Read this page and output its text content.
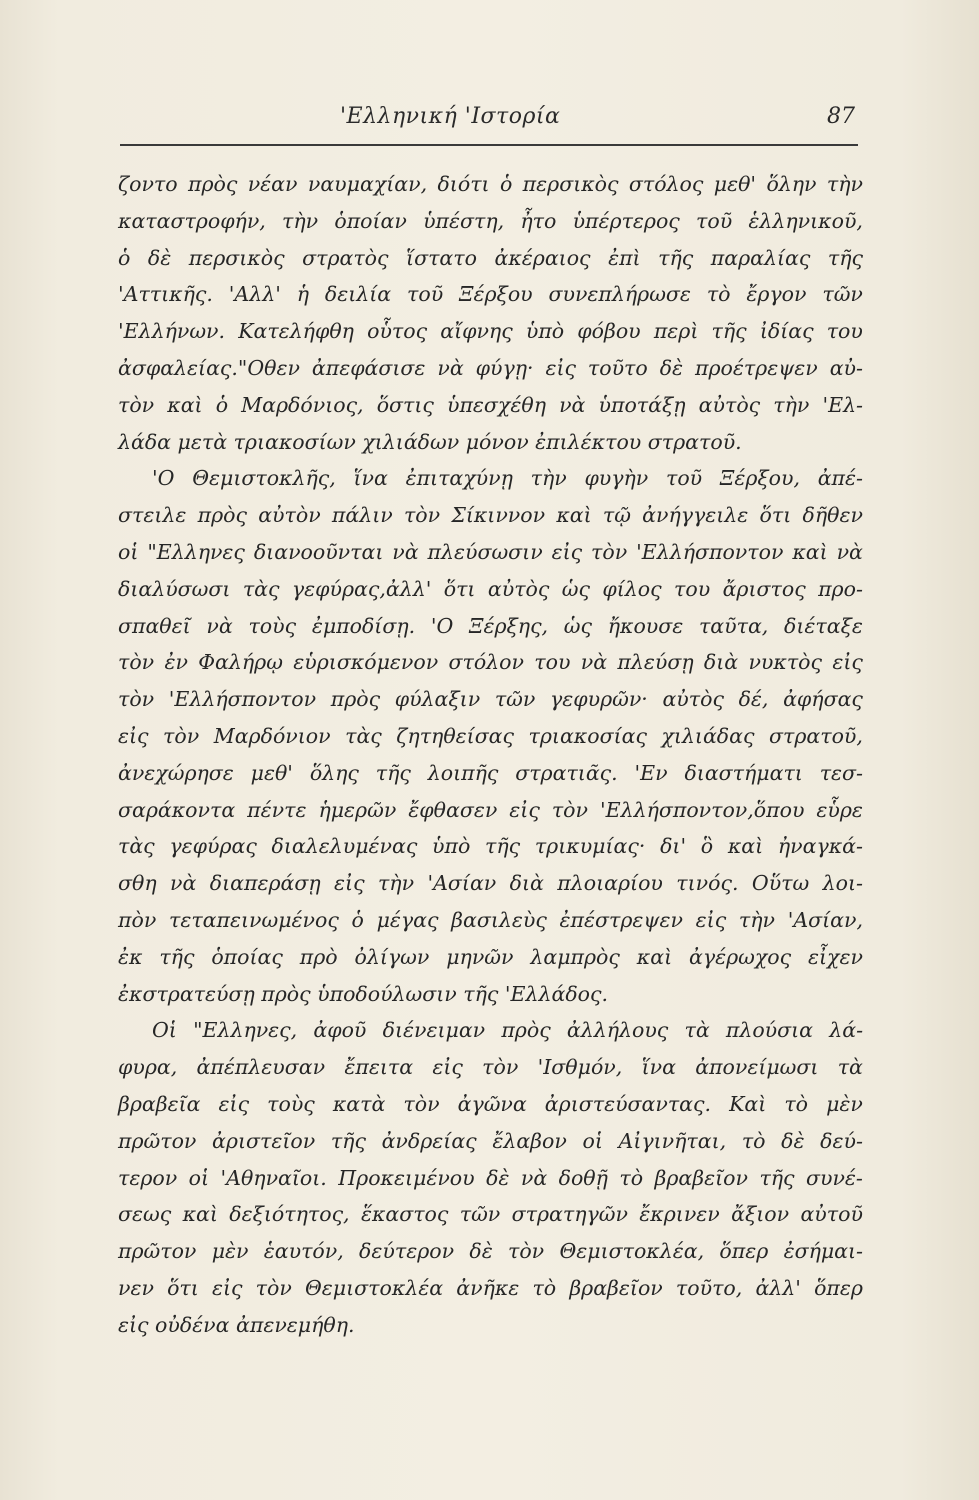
'Ελληνική 'Ιστορία	87
ζοντο πρὸς νέαν ναυμαχίαν, διότι ὁ περσικὸς στόλος μεθ' ὅλην τὴν
καταστροφήν, τὴν ὁποίαν ὑπέστη, ἦτο ὑπέρτερος τοῦ ἑλληνικοῦ,
ὁ δὲ περσικὸς στρατὸς ἵστατο ἀκέραιος ἐπὶ τῆς παραλίας τῆς
'Αττικῆς. 'Αλλ' ἡ δειλία τοῦ Ξέρξου συνεπλήρωσε τὸ ἔργον τῶν
'Ελλήνων. Κατελήφθη οὗτος αἴφνης ὑπὸ φόβου περὶ τῆς ἰδίας του
ἀσφαλείας."Οθεν ἀπεφάσισε νὰ φύγῃ· εἰς τοῦτο δὲ προέτρεψεν αὐ-
τὸν καὶ ὁ Μαρδόνιος, ὅστις ὑπεσχέθη νὰ ὑποτάξῃ αὐτὸς τὴν 'Ελ-
λάδα μετὰ τριακοσίων χιλιάδων μόνον ἐπιλέκτου στρατοῦ.
'Ο Θεμιστοκλῆς, ἵνα ἐπιταχύνῃ τὴν φυγὴν τοῦ Ξέρξου, ἀπέ-
στειλε πρὸς αὐτὸν πάλιν τὸν Σίκιννον καὶ τῷ ἀνήγγειλε ὅτι δῆθεν
οἱ "Ελληνες διανοοῦνται νὰ πλεύσωσιν εἰς τὸν 'Ελλήσποντον καὶ νὰ
διαλύσωσι τὰς γεφύρας,ἀλλ' ὅτι αὐτὸς ὡς φίλος του ἄριστος προ-
σπαθεῖ νὰ τοὺς ἐμποδίσῃ. 'Ο Ξέρξης, ὡς ἤκουσε ταῦτα, διέταξε
τὸν ἐν Φαλήρῳ εὑρισκόμενον στόλον του νὰ πλεύσῃ διὰ νυκτὸς εἰς
τὸν 'Ελλήσποντον πρὸς φύλαξιν τῶν γεφυρῶν· αὐτὸς δέ, ἀφήσας
εἰς τὸν Μαρδόνιον τὰς ζητηθείσας τριακοσίας χιλιάδας στρατοῦ,
ἀνεχώρησε μεθ' ὅλης τῆς λοιπῆς στρατιᾶς. 'Εν διαστήματι τεσ-
σαράκοντα πέντε ἡμερῶν ἔφθασεν εἰς τὸν 'Ελλήσποντον,ὅπου εὗρε
τὰς γεφύρας διαλελυμένας ὑπὸ τῆς τρικυμίας· δι' ὃ καὶ ἠναγκά-
σθη νὰ διαπεράσῃ εἰς τὴν 'Ασίαν διὰ πλοιαρίου τινός. Οὕτω λοι-
πὸν τεταπεινωμένος ὁ μέγας βασιλεὺς ἐπέστρεψεν εἰς τὴν 'Ασίαν,
ἐκ τῆς ὁποίας πρὸ ὀλίγων μηνῶν λαμπρὸς καὶ ἀγέρωχος εἶχεν
ἐκστρατεύσῃ πρὸς ὑποδούλωσιν τῆς 'Ελλάδος.
Οἱ "Ελληνες, ἀφοῦ διένειμαν πρὸς ἀλλήλους τὰ πλούσια λά-
φυρα, ἀπέπλευσαν ἔπειτα εἰς τὸν 'Ισθμόν, ἵνα ἀπονείμωσι τὰ
βραβεῖα εἰς τοὺς κατὰ τὸν ἀγῶνα ἀριστεύσαντας. Καὶ τὸ μὲν
πρῶτον ἀριστεῖον τῆς ἀνδρείας ἔλαβον οἱ Αἰγινῆται, τὸ δὲ δεύ-
τερον οἱ 'Αθηναῖοι. Προκειμένου δὲ νὰ δοθῇ τὸ βραβεῖον τῆς συνέ-
σεως καὶ δεξιότητος, ἕκαστος τῶν στρατηγῶν ἔκρινεν ἄξιον αὐτοῦ
πρῶτον μὲν ἑαυτόν, δεύτερον δὲ τὸν Θεμιστοκλέα, ὅπερ ἐσήμαι-
νεν ὅτι εἰς τὸν Θεμιστοκλέα ἀνῆκε τὸ βραβεῖον τοῦτο, ἀλλ' ὅπερ
εἰς οὐδένα ἀπενεμήθη.
